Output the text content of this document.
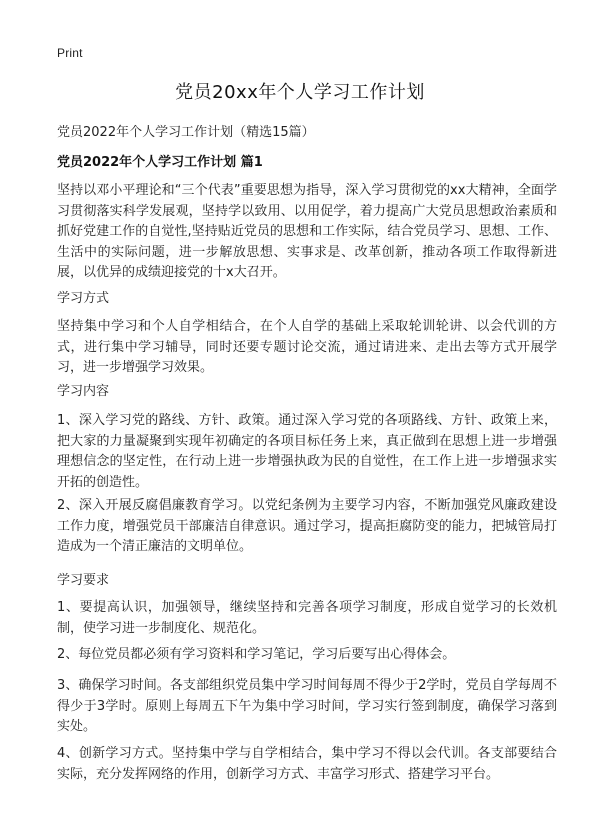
Print
党员20xx年个人学习工作计划
党员2022年个人学习工作计划（精选15篇）
党员2022年个人学习工作计划 篇1

坚持以邓小平理论和“三个代表”重要思想为指导，深入学习贯彻党的xx大精神，全面学习贯彻落实科学发展观，坚持学以致用、以用促学，着力提高广大党员思想政治素质和抓好党建工作的自觉性,坚持贴近党员的思想和工作实际，结合党员学习、思想、工作、生活中的实际问题，进一步解放思想、实事求是、改革创新，推动各项工作取得新进展，以优异的成绩迎接党的十x大召开。

学习方式

坚持集中学习和个人自学相结合，在个人自学的基础上采取轮训轮讲、以会代训的方式，进行集中学习辅导，同时还要专题讨论交流，通过请进来、走出去等方式开展学习，进一步增强学习效果。

学习内容

1、深入学习党的路线、方针、政策。通过深入学习党的各项路线、方针、政策上来，把大家的力量凝聚到实现年初确定的各项目标任务上来，真正做到在思想上进一步增强理想信念的坚定性，在行动上进一步增强执政为民的自觉性，在工作上进一步增强求实开拓的创造性。

2、深入开展反腐倡廉教育学习。以党纪条例为主要学习内容，不断加强党风廉政建设工作力度，增强党员干部廉洁自律意识。通过学习，提高拒腐防变的能力，把城管局打造成为一个清正廉洁的文明单位。

学习要求

1、要提高认识，加强领导，继续坚持和完善各项学习制度，形成自觉学习的长效机制，使学习进一步制度化、规范化。

2、每位党员都必须有学习资料和学习笔记，学习后要写出心得体会。

3、确保学习时间。各支部组织党员集中学习时间每周不得少于2学时，党员自学每周不得少于3学时。原则上每周五下午为集中学习时间，学习实行签到制度，确保学习落到实处。

4、创新学习方式。坚持集中学与自学相结合，集中学习不得以会代训。各支部要结合实际，充分发挥网络的作用，创新学习方式、丰富学习形式、搭建学习平台。
